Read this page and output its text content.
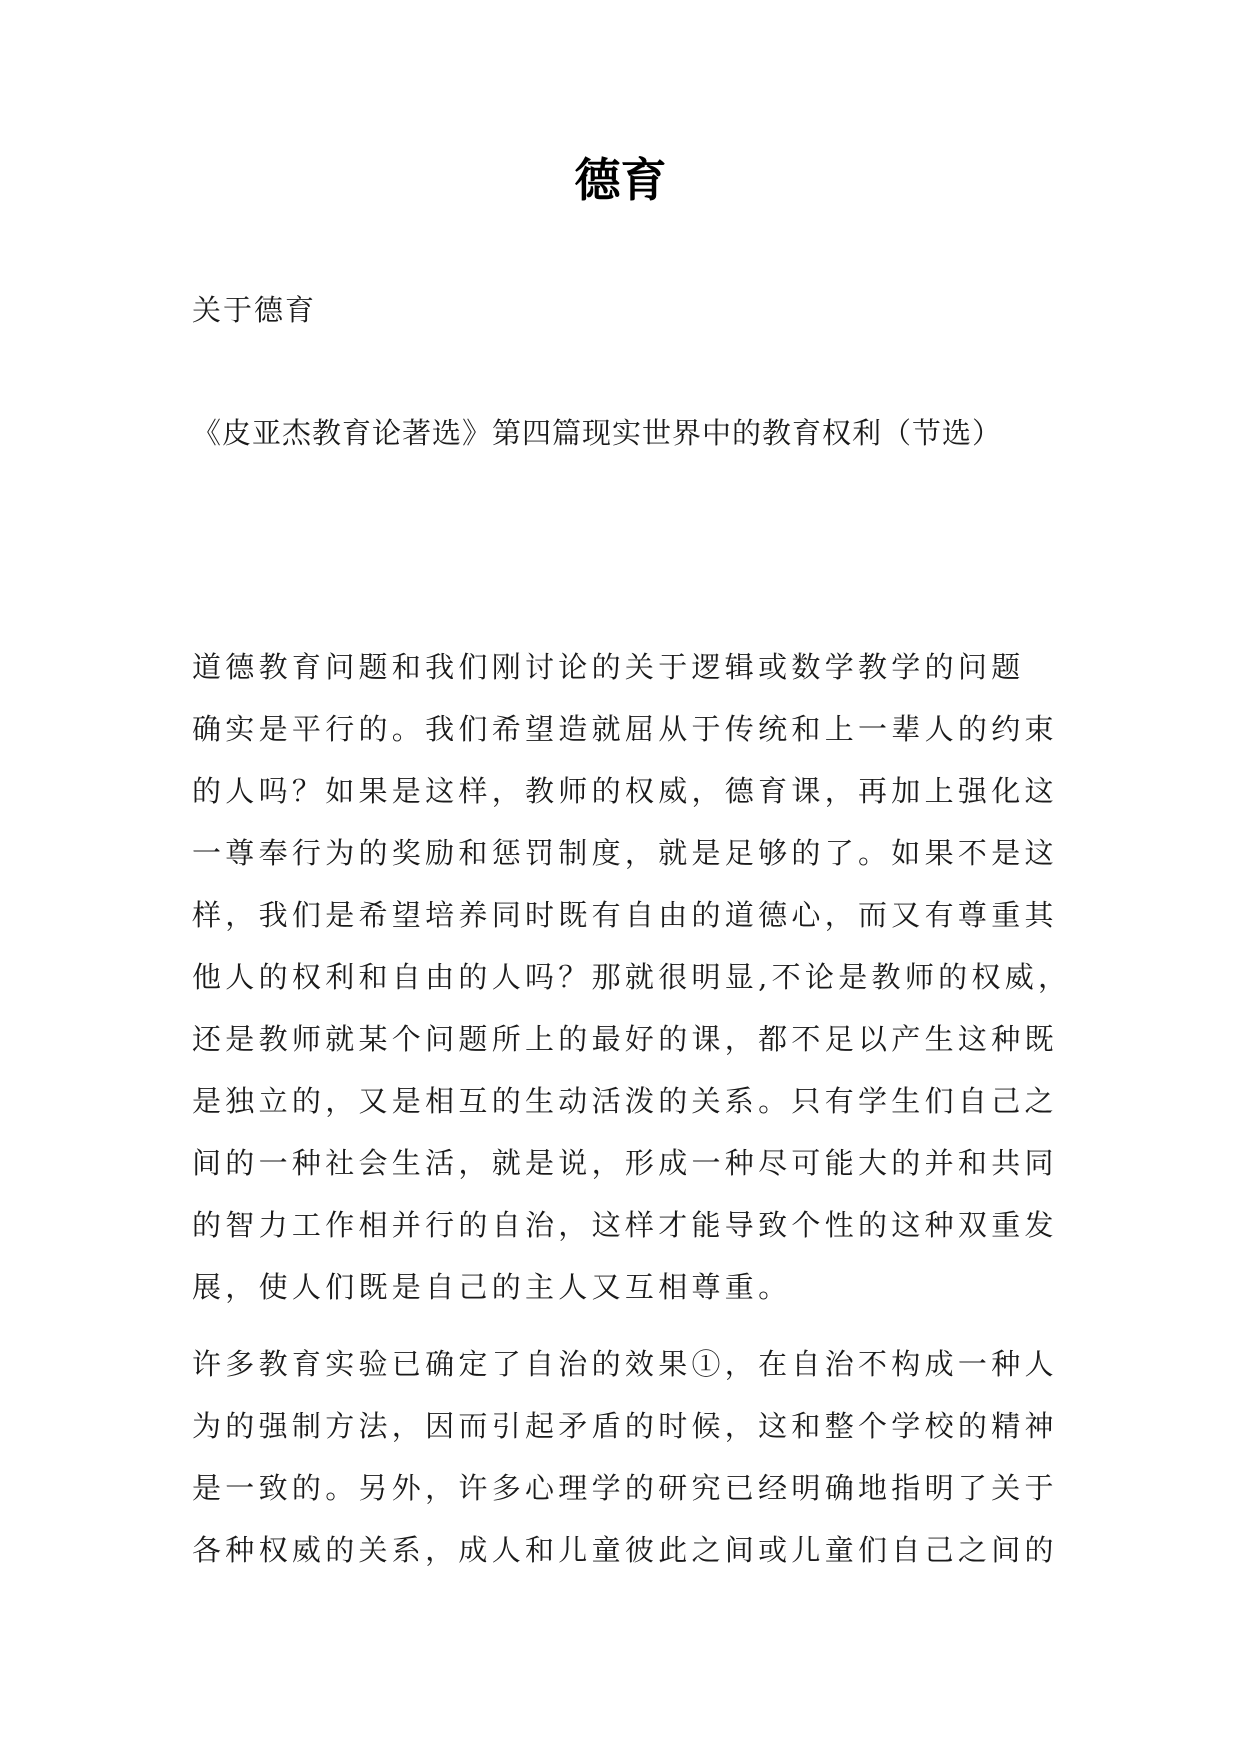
德育

关于德育

《皮亚杰教育论著选》第四篇现实世界中的教育权利（节选）

道德教育问题和我们刚讨论的关于逻辑或数学教学的问题
确实是平行的。我们希望造就屈从于传统和上一辈人的约束
的人吗？如果是这样，教师的权威，德育课，再加上强化这
一尊奉行为的奖励和惩罚制度，就是足够的了。如果不是这
样，我们是希望培养同时既有自由的道德心，而又有尊重其
他人的权利和自由的人吗？那就很明显,不论是教师的权威，
还是教师就某个问题所上的最好的课，都不足以产生这种既
是独立的，又是相互的生动活泼的关系。只有学生们自己之
间的一种社会生活，就是说，形成一种尽可能大的并和共同
的智力工作相并行的自治，这样才能导致个性的这种双重发
展，使人们既是自己的主人又互相尊重。
许多教育实验已确定了自治的效果①，在自治不构成一种人
为的强制方法，因而引起矛盾的时候，这和整个学校的精神
是一致的。另外，许多心理学的研究已经明确地指明了关于
各种权威的关系，成人和儿童彼此之间或儿童们自己之间的
